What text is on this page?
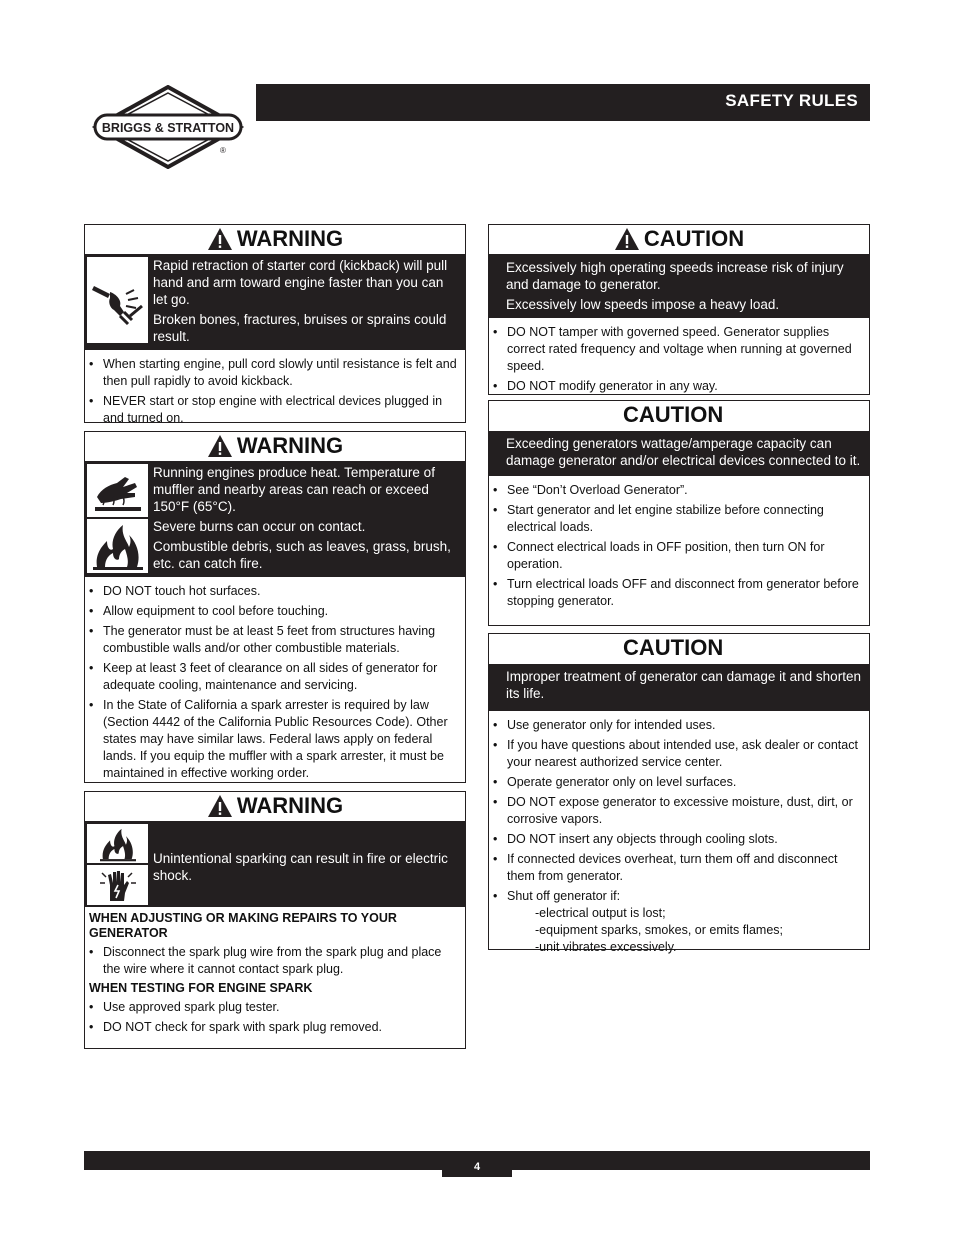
BRIGGS & STRATTON
®
SAFETY RULES
WARNING

Rapid retraction of starter cord (kickback) will pull hand and arm toward engine faster than you can let go.

Broken bones, fractures, bruises or sprains could result.

• When starting engine, pull cord slowly until resistance is felt and then pull rapidly to avoid kickback.
• NEVER start or stop engine with electrical devices plugged in and turned on.
WARNING

Running engines produce heat. Temperature of muffler and nearby areas can reach or exceed 150°F (65°C).

Severe burns can occur on contact.

Combustible debris, such as leaves, grass, brush, etc. can catch fire.

• DO NOT touch hot surfaces.
• Allow equipment to cool before touching.
• The generator must be at least 5 feet from structures having combustible walls and/or other combustible materials.
• Keep at least 3 feet of clearance on all sides of generator for adequate cooling, maintenance and servicing.
• In the State of California a spark arrester is required by law (Section 4442 of the California Public Resources Code). Other states may have similar laws. Federal laws apply on federal lands. If you equip the muffler with a spark arrester, it must be maintained in effective working order.
WARNING

Unintentional sparking can result in fire or electric shock.

WHEN ADJUSTING OR MAKING REPAIRS TO YOUR GENERATOR
• Disconnect the spark plug wire from the spark plug and place the wire where it cannot contact spark plug.
WHEN TESTING FOR ENGINE SPARK
• Use approved spark plug tester.
• DO NOT check for spark with spark plug removed.
CAUTION

Excessively high operating speeds increase risk of injury and damage to generator.

Excessively low speeds impose a heavy load.

• DO NOT tamper with governed speed. Generator supplies correct rated frequency and voltage when running at governed speed.
• DO NOT modify generator in any way.
CAUTION

Exceeding generators wattage/amperage capacity can damage generator and/or electrical devices connected to it.

• See “Don’t Overload Generator”.
• Start generator and let engine stabilize before connecting electrical loads.
• Connect electrical loads in OFF position, then turn ON for operation.
• Turn electrical loads OFF and disconnect from generator before stopping generator.
CAUTION

Improper treatment of generator can damage it and shorten its life.

• Use generator only for intended uses.
• If you have questions about intended use, ask dealer or contact your nearest authorized service center.
• Operate generator only on level surfaces.
• DO NOT expose generator to excessive moisture, dust, dirt, or corrosive vapors.
• DO NOT insert any objects through cooling slots.
• If connected devices overheat, turn them off and disconnect them from generator.
• Shut off generator if:
-electrical output is lost;
-equipment sparks, smokes, or emits flames;
-unit vibrates excessively.
4
